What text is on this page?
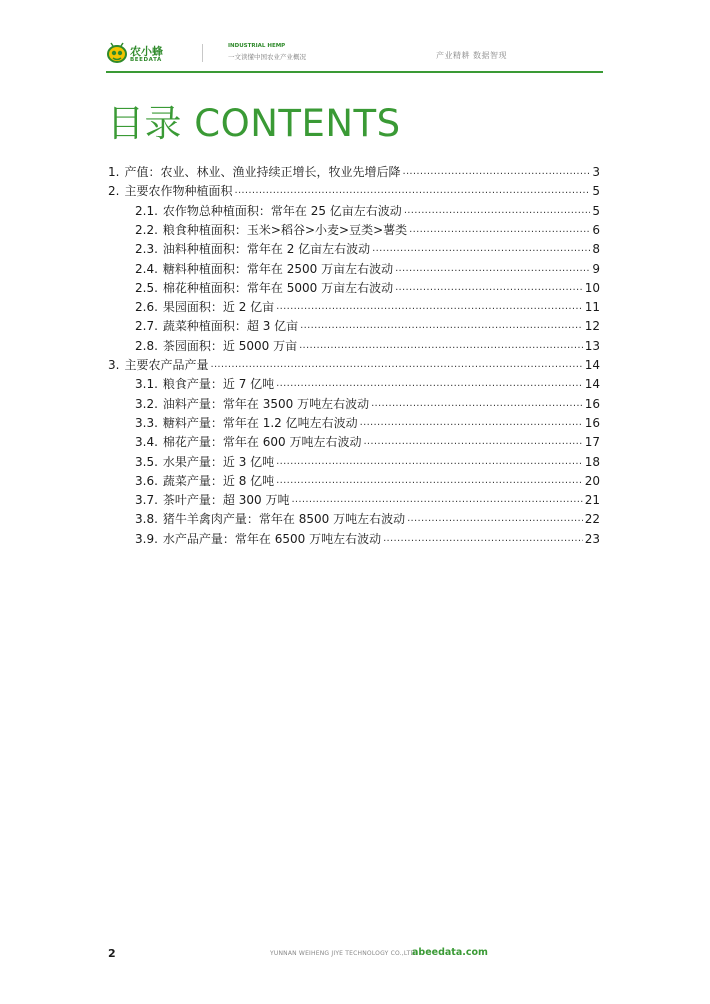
农小蜂
BEEDATA
INDUSTRIAL HEMP
一文读懂中国农业产业概况	产业精耕 数据智现
目录 CONTENTS
1. 产值：农业、林业、渔业持续正增长，牧业先增后降 .....	3
2. 主要农作物种植面积 .....	5
2.1. 农作物总种植面积：常年在 25 亿亩左右波动 .....	5
2.2. 粮食种植面积：玉米>稻谷>小麦>豆类>薯类 .....	6
2.3. 油料种植面积：常年在 2 亿亩左右波动 .....	8
2.4. 糖料种植面积：常年在 2500 万亩左右波动 .....	9
2.5. 棉花种植面积：常年在 5000 万亩左右波动 .....	10
2.6. 果园面积：近 2 亿亩 .....	11
2.7. 蔬菜种植面积：超 3 亿亩 .....	12
2.8. 茶园面积：近 5000 万亩 .....	13
3. 主要农产品产量 .....	14
3.1. 粮食产量：近 7 亿吨 .....	14
3.2. 油料产量：常年在 3500 万吨左右波动 .....	16
3.3. 糖料产量：常年在 1.2 亿吨左右波动 .....	16
3.4. 棉花产量：常年在 600 万吨左右波动 .....	17
3.5. 水果产量：近 3 亿吨 .....	18
3.6. 蔬菜产量：近 8 亿吨 .....	20
3.7. 茶叶产量：超 300 万吨 .....	21
3.8. 猪牛羊禽肉产量：常年在 8500 万吨左右波动 .....	22
3.9. 水产品产量：常年在 6500 万吨左右波动 .....	23
2	YUNNAN WEIHENG JIYE TECHNOLOGY CO.,LTD.
abeedata.com
